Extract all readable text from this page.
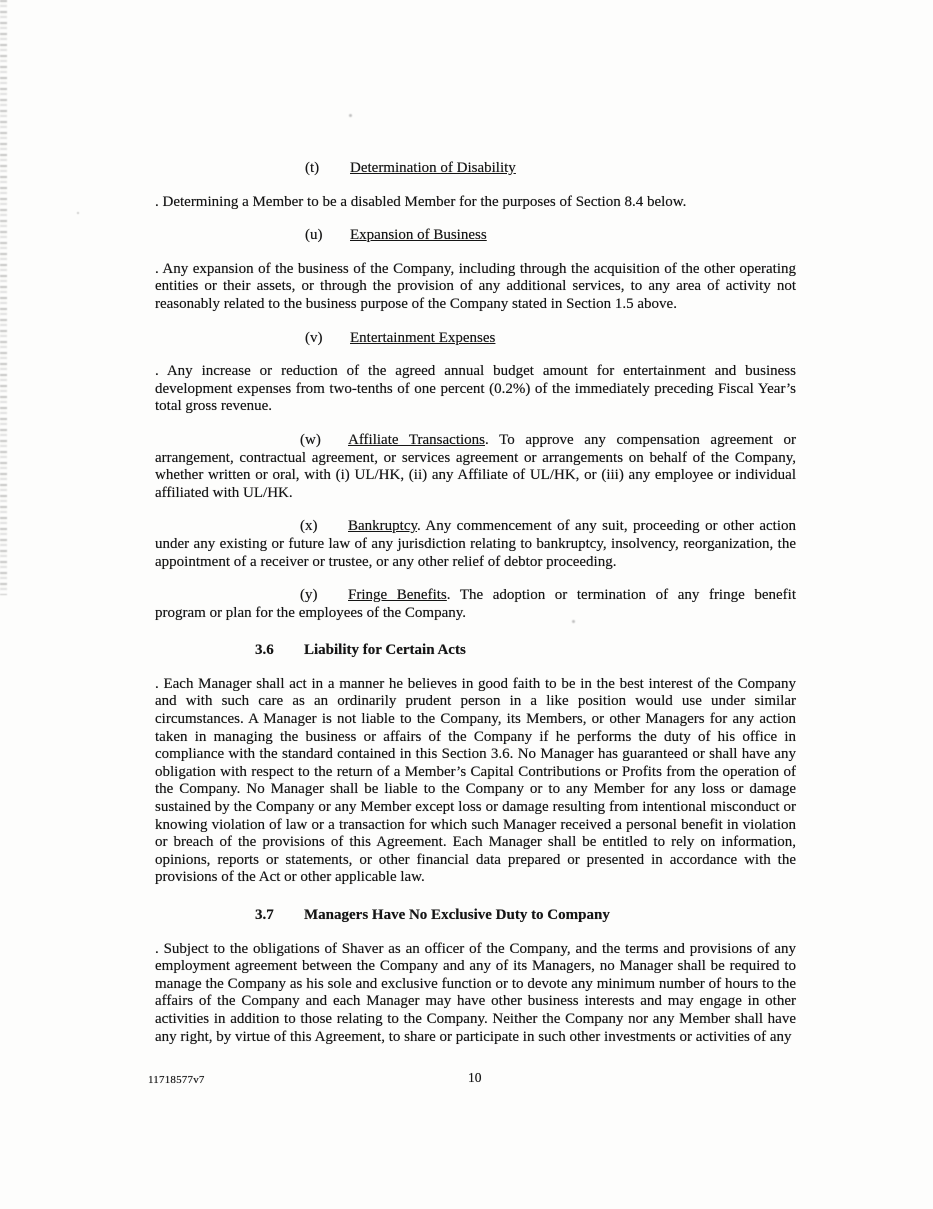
(t) Determination of Disability

. Determining a Member to be a disabled Member for the purposes of Section 8.4 below.

(u) Expansion of Business

. Any expansion of the business of the Company, including through the acquisition of the other operating entities or their assets, or through the provision of any additional services, to any area of activity not reasonably related to the business purpose of the Company stated in Section 1.5 above.

(v) Entertainment Expenses

. Any increase or reduction of the agreed annual budget amount for entertainment and business development expenses from two-tenths of one percent (0.2%) of the immediately preceding Fiscal Year’s total gross revenue.

(w) Affiliate Transactions. To approve any compensation agreement or arrangement, contractual agreement, or services agreement or arrangements on behalf of the Company, whether written or oral, with (i) UL/HK, (ii) any Affiliate of UL/HK, or (iii) any employee or individual affiliated with UL/HK.

(x) Bankruptcy. Any commencement of any suit, proceeding or other action under any existing or future law of any jurisdiction relating to bankruptcy, insolvency, reorganization, the appointment of a receiver or trustee, or any other relief of debtor proceeding.

(y) Fringe Benefits. The adoption or termination of any fringe benefit program or plan for the employees of the Company.

3.6 Liability for Certain Acts

. Each Manager shall act in a manner he believes in good faith to be in the best interest of the Company and with such care as an ordinarily prudent person in a like position would use under similar circumstances. A Manager is not liable to the Company, its Members, or other Managers for any action taken in managing the business or affairs of the Company if he performs the duty of his office in compliance with the standard contained in this Section 3.6. No Manager has guaranteed or shall have any obligation with respect to the return of a Member’s Capital Contributions or Profits from the operation of the Company. No Manager shall be liable to the Company or to any Member for any loss or damage sustained by the Company or any Member except loss or damage resulting from intentional misconduct or knowing violation of law or a transaction for which such Manager received a personal benefit in violation or breach of the provisions of this Agreement. Each Manager shall be entitled to rely on information, opinions, reports or statements, or other financial data prepared or presented in accordance with the provisions of the Act or other applicable law.

3.7 Managers Have No Exclusive Duty to Company

. Subject to the obligations of Shaver as an officer of the Company, and the terms and provisions of any employment agreement between the Company and any of its Managers, no Manager shall be required to manage the Company as his sole and exclusive function or to devote any minimum number of hours to the affairs of the Company and each Manager may have other business interests and may engage in other activities in addition to those relating to the Company. Neither the Company nor any Member shall have any right, by virtue of this Agreement, to share or participate in such other investments or activities of any

11718577v7	10
